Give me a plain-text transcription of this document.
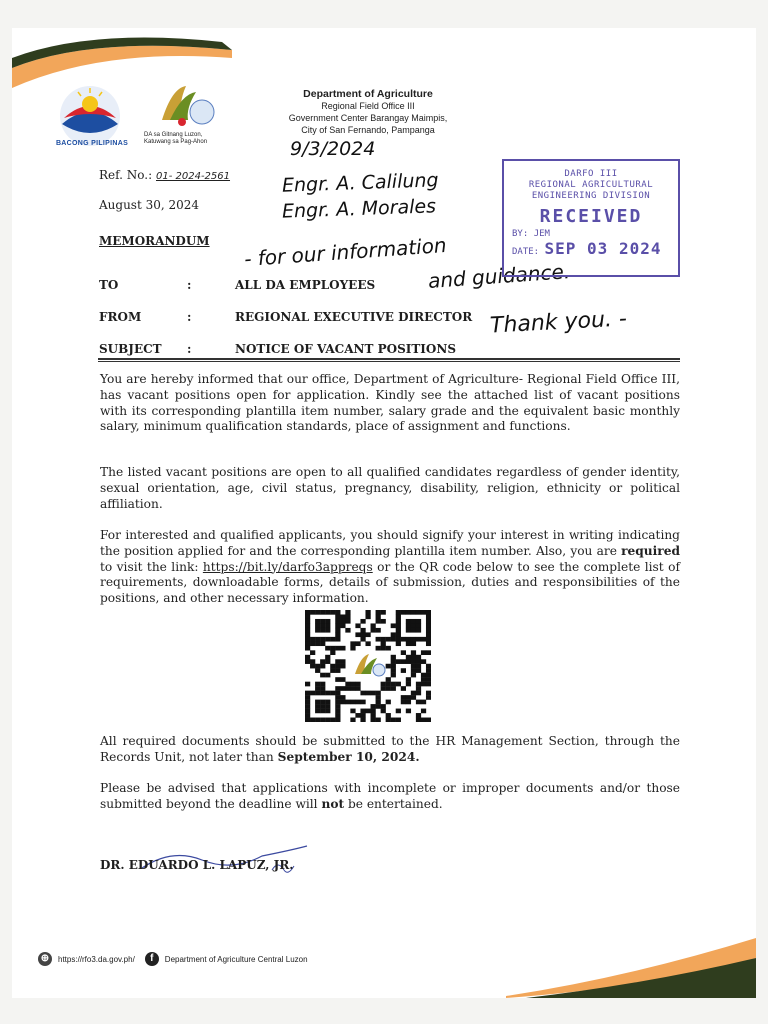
BACONG PILIPINAS
DA sa Gitnang Luzon,
Katuwang sa Pag-Ahon
Department of Agriculture
Regional Field Office III
Government Center Barangay Maimpis,
City of San Fernando, Pampanga
9/3/2024
Engr. A. Calilung
Engr. A. Morales
- for our information
and guidance.
Thank you. -
DARFO III
REGIONAL AGRICULTURAL
ENGINEERING DIVISION
RECEIVED
BY: JEM
DATE: SEP 03 2024
Ref. No.: 01- 2024-2561
August 30, 2024
MEMORANDUM
TO	:	ALL DA EMPLOYEES
FROM	:	REGIONAL EXECUTIVE DIRECTOR
SUBJECT :	NOTICE OF VACANT POSITIONS

You are hereby informed that our office, Department of Agriculture- Regional Field Office III, has vacant positions open for application. Kindly see the attached list of vacant positions with its corresponding plantilla item number, salary grade and the equivalent basic monthly salary, minimum qualification standards, place of assignment and functions.

The listed vacant positions are open to all qualified candidates regardless of gender identity, sexual orientation, age, civil status, pregnancy, disability, religion, ethnicity or political affiliation.

For interested and qualified applicants, you should signify your interest in writing indicating the position applied for and the corresponding plantilla item number. Also, you are required to visit the link: https://bit.ly/darfo3appreqs or the QR code below to see the complete list of requirements, downloadable forms, details of submission, duties and responsibilities of the positions, and other necessary information.

All required documents should be submitted to the HR Management Section, through the Records Unit, not later than September 10, 2024.

Please be advised that applications with incomplete or improper documents and/or those submitted beyond the deadline will not be entertained.

DR. EDUARDO L. LAPUZ, JR.
⊕	https://rfo3.da.gov.ph/	f	Department of Agriculture Central Luzon
